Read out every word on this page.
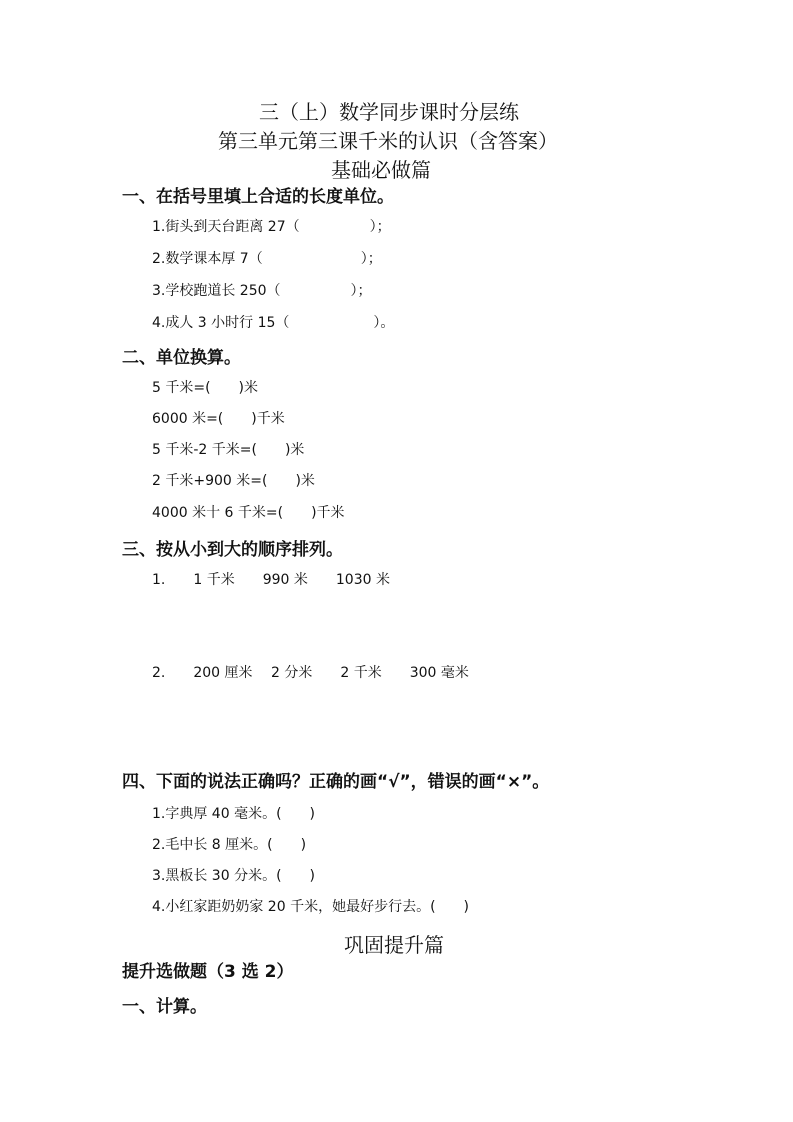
三（上）数学同步课时分层练
第三单元第三课千米的认识（含答案）
基础必做篇
一、在括号里填上合适的长度单位。
1.街头到天台距离 27（　　　　　）；
2.数学课本厚 7（　　　　　　　）；
3.学校跑道长 250（　　　　　）；
4.成人 3 小时行 15（　　　　　　）。
二、单位换算。
5 千米=(　　)米
6000 米=(　　)千米
5 千米-2 千米=(　　)米
2 千米+900 米=(　　)米
4000 米十 6 千米=(　　)千米
三、按从小到大的顺序排列。
1.　　1 千米　　990 米　　1030 米
2.　　200 厘米　 2 分米　　2 千米　　300 毫米
四、下面的说法正确吗？正确的画“√”，错误的画“×”。
1.字典厚 40 毫米。(　　)
2.毛中长 8 厘米。(　　)
3.黑板长 30 分米。(　　)
4.小红家距奶奶家 20 千米，她最好步行去。(　　)
巩固提升篇
提升选做题（3 选 2）
一、计算。
